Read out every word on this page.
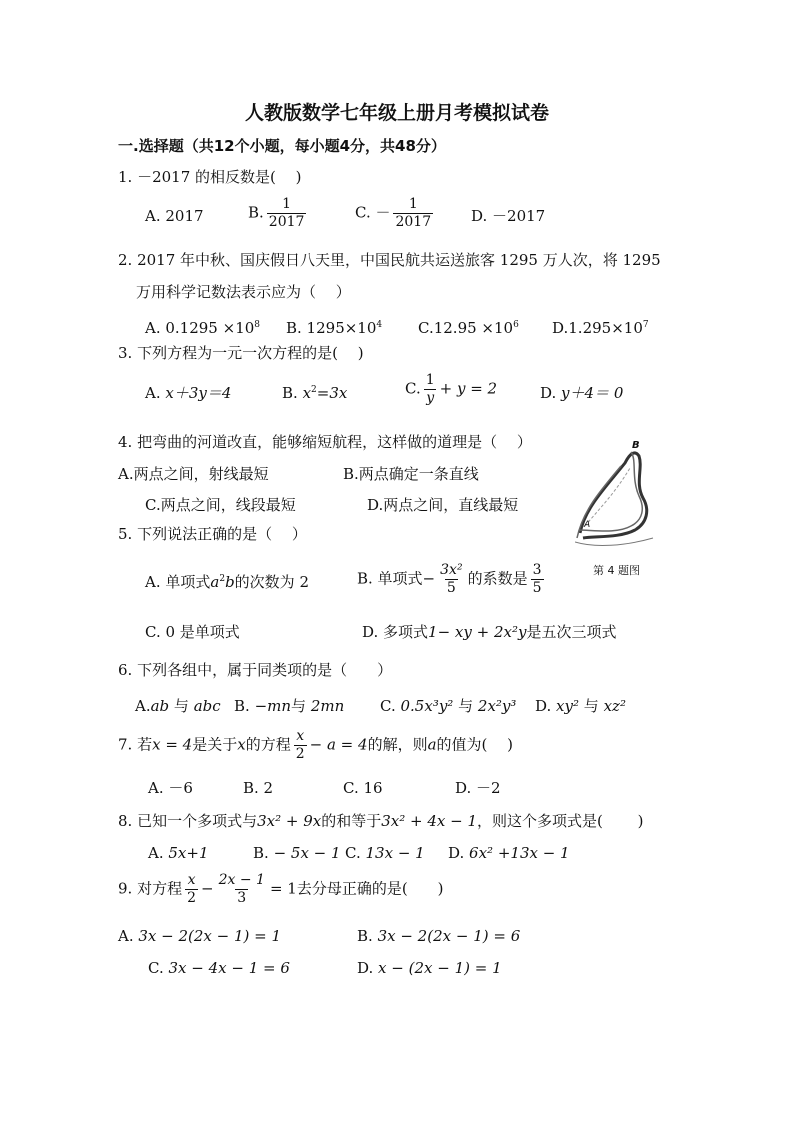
人教版数学七年级上册月考模拟试卷
一.选择题（共12个小题，每小题4分，共48分）
1. －2017 的相反数是(　 )
A. 2017	B. $\frac{1}{2017}$	C. － $\frac{1}{2017}$	D. －2017
2. 2017 年中秋、国庆假日八天里，中国民航共运送旅客 1295 万人次，将 1295
万用科学记数法表示应为（　 ）
A. $0.1295 \times 10^8$ B. $1295\times 10^4$ $C.12.95 \times 10^6$ $D.1.295\times 10^7$
3. 下列方程为一元一次方程的是(　 )
A. x＋3y＝4	B. $x^2=3x$	C. $\frac{1}{y} + y = 2$	D. y＋4＝ 0
4. 把弯曲的河道改直，能够缩短航程，这样做的道理是（　 ）
A.两点之间，射线最短	B.两点确定一条直线
C.两点之间，线段最短	D.两点之间，直线最短
B
A
第 4 题图
5. 下列说法正确的是（　 ）
A. 单项式$a^2b$的次数为 2	B. 单项式− $\frac{\text{3x²}}{5}$ 的系数是 $\frac{3}{5}$
C. 0 是单项式	D. 多项式1− xy + 2x²y是五次三项式
6. 下列各组中，属于同类项的是（　　）
A.ab 与 abc B. −mn与 2mn C. 0.5x³y² 与 2x²y³ D. xy² 与 xz²
7. 若x = 4是关于x的方程 $\frac{x}{2} - a = 4$的解，则a的值为(　 )
A. －6	B. 2	C. 16	D. －2
8. 已知一个多项式与3x² + 9x的和等于3x² + 4x − 1，则这个多项式是(　　 )
A. 5x+1	B. − 5x − 1 C. 13x − 1 D. 6x² +13x − 1
9. 对方程 $\frac{x}{2} - \frac{2x - 1}{3} = 1$去分母正确的是(　　)
A. 3x − 2(2x − 1) = 1	B. 3x − 2(2x − 1) = 6
C. 3x − 4x − 1 = 6	D. x − (2x − 1) = 1
